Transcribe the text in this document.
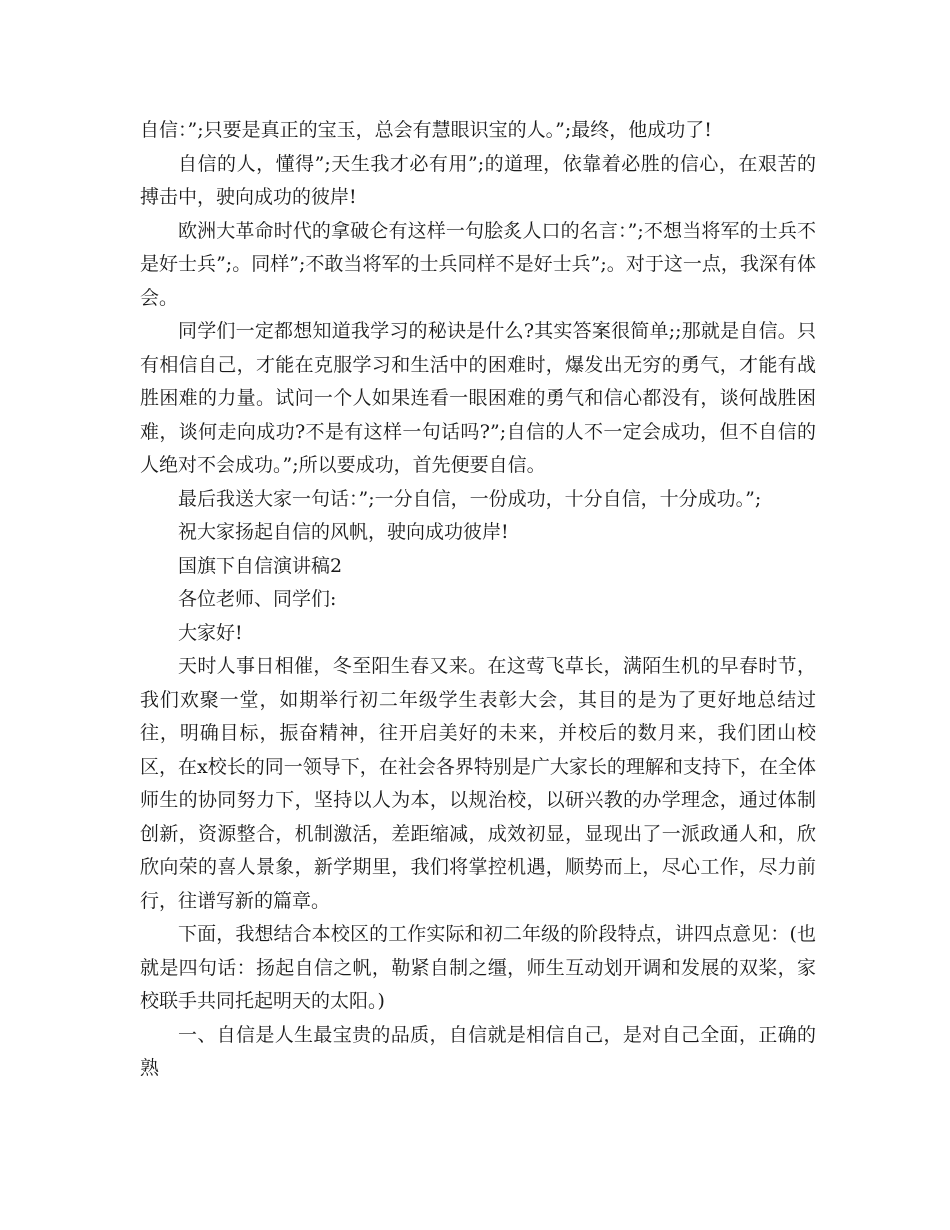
自信：”;只要是真正的宝玉，总会有慧眼识宝的人。”;最终，他成功了!

自信的人，懂得”;天生我才必有用”;的道理，依靠着必胜的信心，在艰苦的搏击中，驶向成功的彼岸!

欧洲大革命时代的拿破仑有这样一句脍炙人口的名言：”;不想当将军的士兵不是好士兵”;。同样”;不敢当将军的士兵同样不是好士兵”;。对于这一点，我深有体会。

同学们一定都想知道我学习的秘诀是什么?其实答案很简单;;那就是自信。只有相信自己，才能在克服学习和生活中的困难时，爆发出无穷的勇气，才能有战胜困难的力量。试问一个人如果连看一眼困难的勇气和信心都没有，谈何战胜困难，谈何走向成功?不是有这样一句话吗?”;自信的人不一定会成功，但不自信的人绝对不会成功。”;所以要成功，首先便要自信。

最后我送大家一句话：”;一分自信，一份成功，十分自信，十分成功。”;

祝大家扬起自信的风帆，驶向成功彼岸!

国旗下自信演讲稿2

各位老师、同学们:

大家好!

天时人事日相催，冬至阳生春又来。在这莺飞草长，满陌生机的早春时节，我们欢聚一堂，如期举行初二年级学生表彰大会，其目的是为了更好地总结过往，明确目标，振奋精神，往开启美好的未来，并校后的数月来，我们团山校区，在x校长的同一领导下，在社会各界特别是广大家长的理解和支持下，在全体师生的协同努力下，坚持以人为本，以规治校，以研兴教的办学理念，通过体制创新，资源整合，机制激活，差距缩减，成效初显，显现出了一派政通人和，欣欣向荣的喜人景象，新学期里，我们将掌控机遇，顺势而上，尽心工作，尽力前行，往谱写新的篇章。

下面，我想结合本校区的工作实际和初二年级的阶段特点，讲四点意见：(也就是四句话：扬起自信之帆，勒紧自制之缰，师生互动划开调和发展的双桨，家校联手共同托起明天的太阳。)

一、自信是人生最宝贵的品质，自信就是相信自己，是对自己全面，正确的熟
